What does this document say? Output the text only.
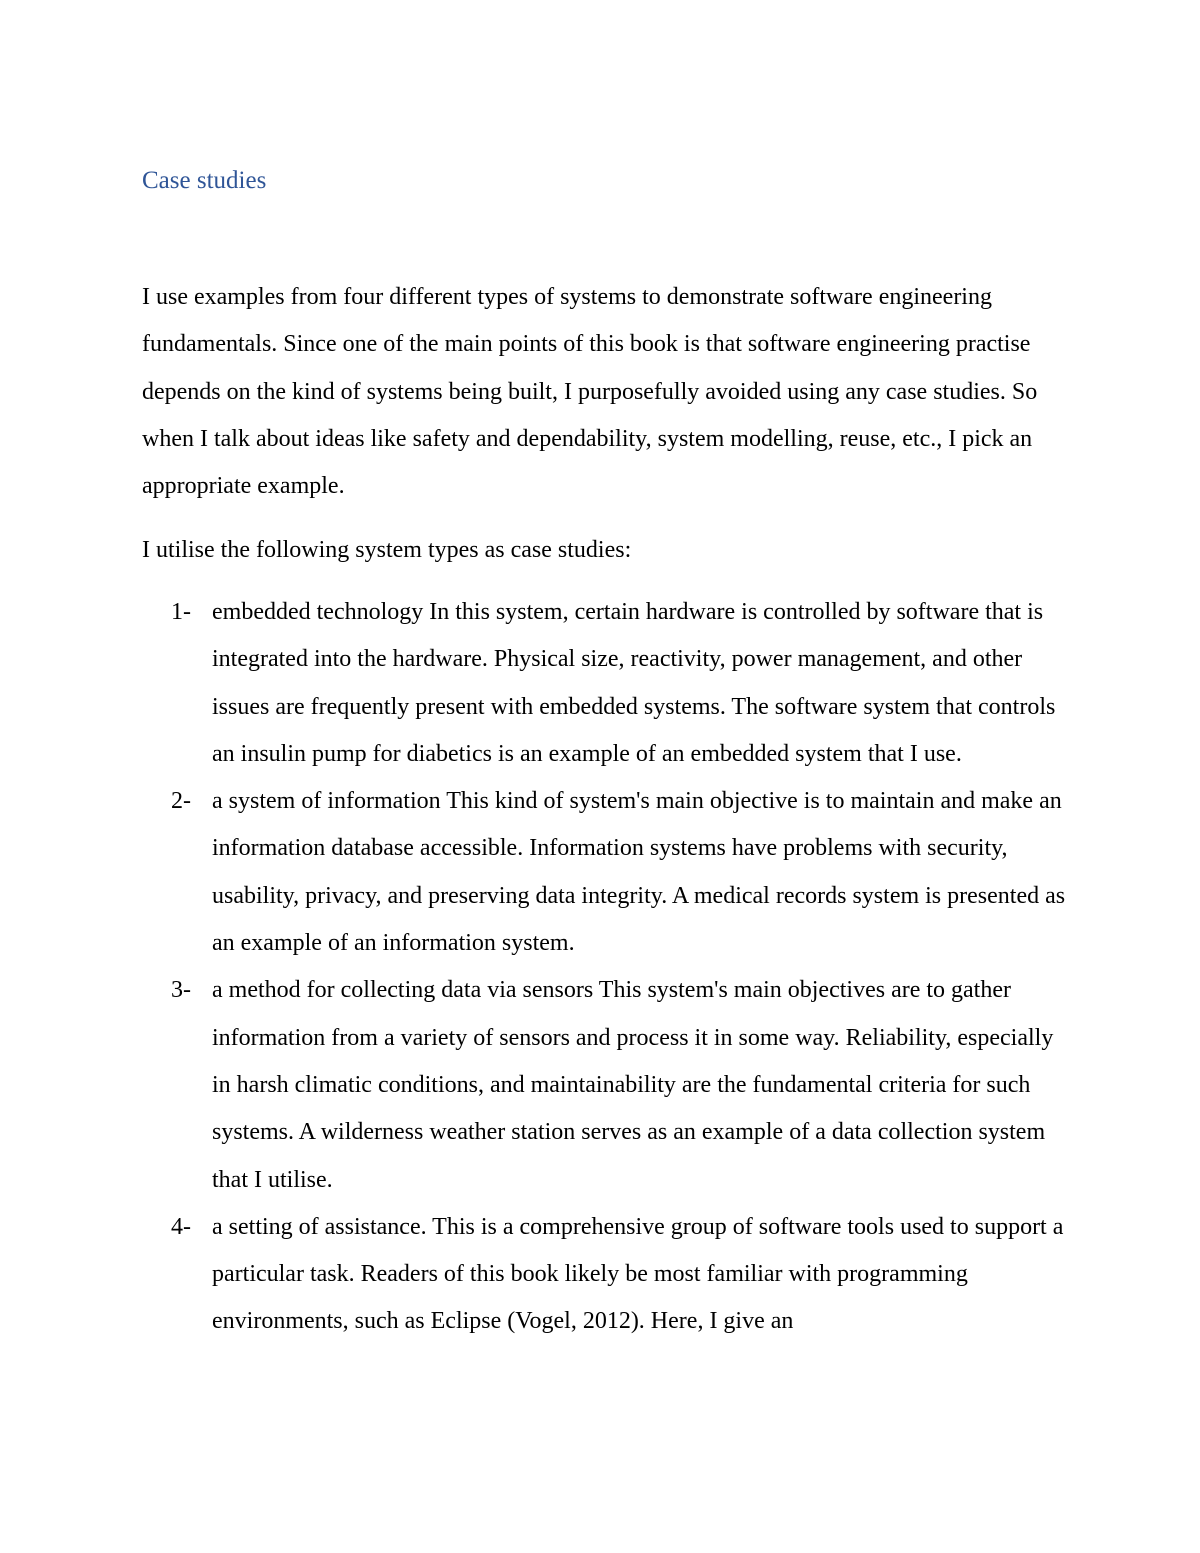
Case studies

I use examples from four different types of systems to demonstrate software engineering fundamentals. Since one of the main points of this book is that software engineering practise depends on the kind of systems being built, I purposefully avoided using any case studies. So when I talk about ideas like safety and dependability, system modelling, reuse, etc., I pick an appropriate example.

I utilise the following system types as case studies:

1- embedded technology In this system, certain hardware is controlled by software that is integrated into the hardware. Physical size, reactivity, power management, and other issues are frequently present with embedded systems. The software system that controls an insulin pump for diabetics is an example of an embedded system that I use.
2- a system of information This kind of system's main objective is to maintain and make an information database accessible. Information systems have problems with security, usability, privacy, and preserving data integrity. A medical records system is presented as an example of an information system.
3- a method for collecting data via sensors This system's main objectives are to gather information from a variety of sensors and process it in some way. Reliability, especially in harsh climatic conditions, and maintainability are the fundamental criteria for such systems. A wilderness weather station serves as an example of a data collection system that I utilise.
4- a setting of assistance. This is a comprehensive group of software tools used to support a particular task. Readers of this book likely be most familiar with programming environments, such as Eclipse (Vogel, 2012). Here, I give an
